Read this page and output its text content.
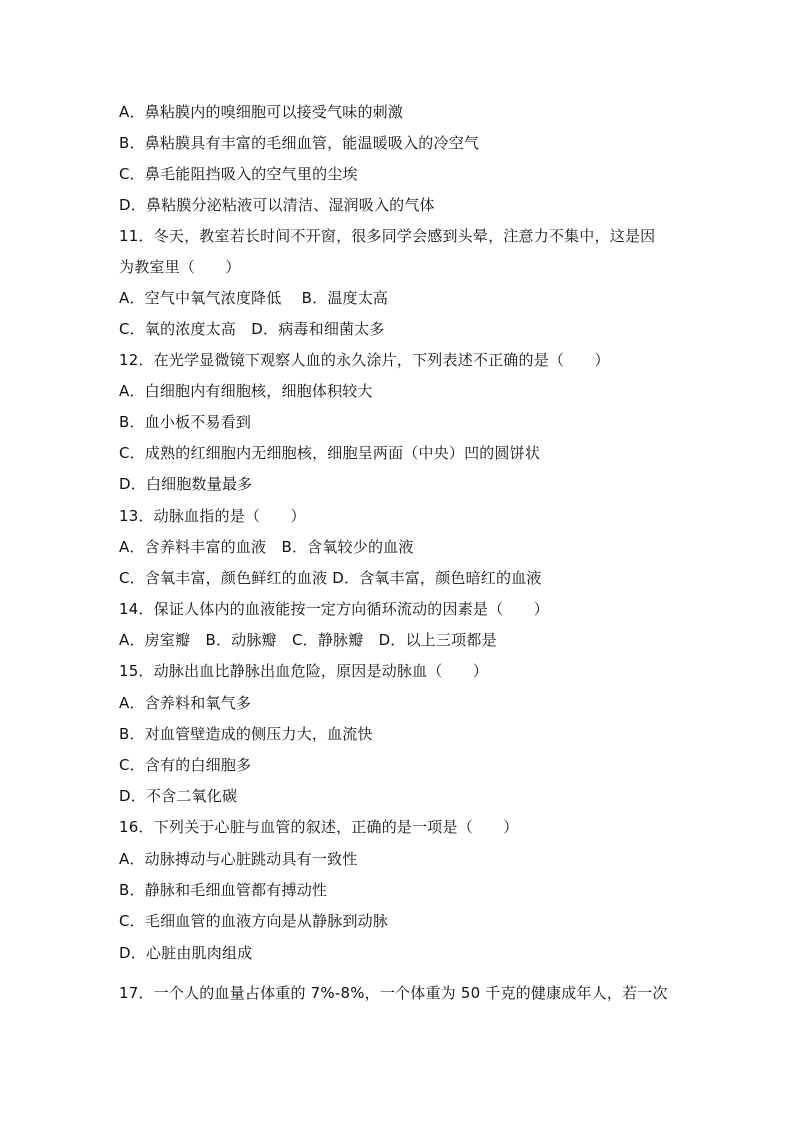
A．鼻粘膜内的嗅细胞可以接受气味的刺激
B．鼻粘膜具有丰富的毛细血管，能温暖吸入的冷空气
C．鼻毛能阻挡吸入的空气里的尘埃
D．鼻粘膜分泌粘液可以清洁、湿润吸入的气体
11．冬天，教室若长时间不开窗，很多同学会感到头晕，注意力不集中，这是因
为教室里（　　）
A．空气中氧气浓度降低　 B．温度太高
C．氧的浓度太高　D．病毒和细菌太多
12．在光学显微镜下观察人血的永久涂片，下列表述不正确的是（　　）
A．白细胞内有细胞核，细胞体积较大
B．血小板不易看到
C．成熟的红细胞内无细胞核，细胞呈两面（中央）凹的圆饼状
D．白细胞数量最多
13．动脉血指的是（　　）
A．含养料丰富的血液　B．含氧较少的血液
C．含氧丰富，颜色鲜红的血液 D．含氧丰富，颜色暗红的血液
14．保证人体内的血液能按一定方向循环流动的因素是（　　）
A．房室瓣　B．动脉瓣　C．静脉瓣　D．以上三项都是
15．动脉出血比静脉出血危险，原因是动脉血（　　）
A．含养料和氧气多
B．对血管壁造成的侧压力大，血流快
C．含有的白细胞多
D．不含二氧化碳
16．下列关于心脏与血管的叙述，正确的是一项是（　　）
A．动脉搏动与心脏跳动具有一致性
B．静脉和毛细血管都有搏动性
C．毛细血管的血液方向是从静脉到动脉
D．心脏由肌肉组成
17．一个人的血量占体重的 7%-8%，一个体重为 50 千克的健康成年人，若一次
